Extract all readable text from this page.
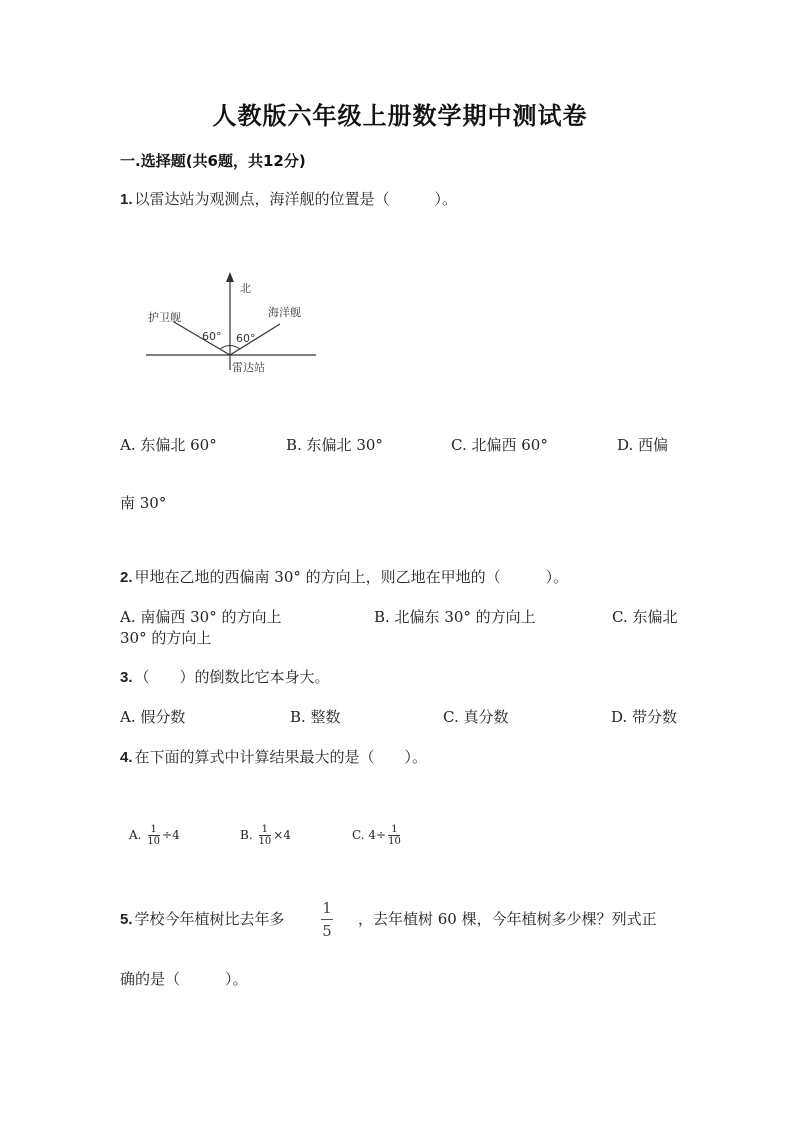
人教版六年级上册数学期中测试卷
一.选择题(共6题，共12分)
1. 以雷达站为观测点，海洋舰的位置是（　　　）。
北
护卫舰	海洋舰
60° 60°
雷达站
A. 东偏北 60°	B. 东偏北 30°	C. 北偏西 60°	D. 西偏
南 30°
2. 甲地在乙地的西偏南 30° 的方向上，则乙地在甲地的（　　　）。
A. 南偏西 30° 的方向上	B. 北偏东 30° 的方向上	C. 东偏北
30° 的方向上
3. （　　）的倒数比它本身大。
A. 假分数	B. 整数	C. 真分数	D. 带分数
4. 在下面的算式中计算结果最大的是（　　）。
A. $\frac{1}{10} \div 4$	B. $\frac{1}{10} \times 4$	C. $4\div \frac{1}{10}$
5. 学校今年植树比去年多
1
5
，去年植树 60 棵，今年植树多少棵？列式正
确的是（　　　）。
